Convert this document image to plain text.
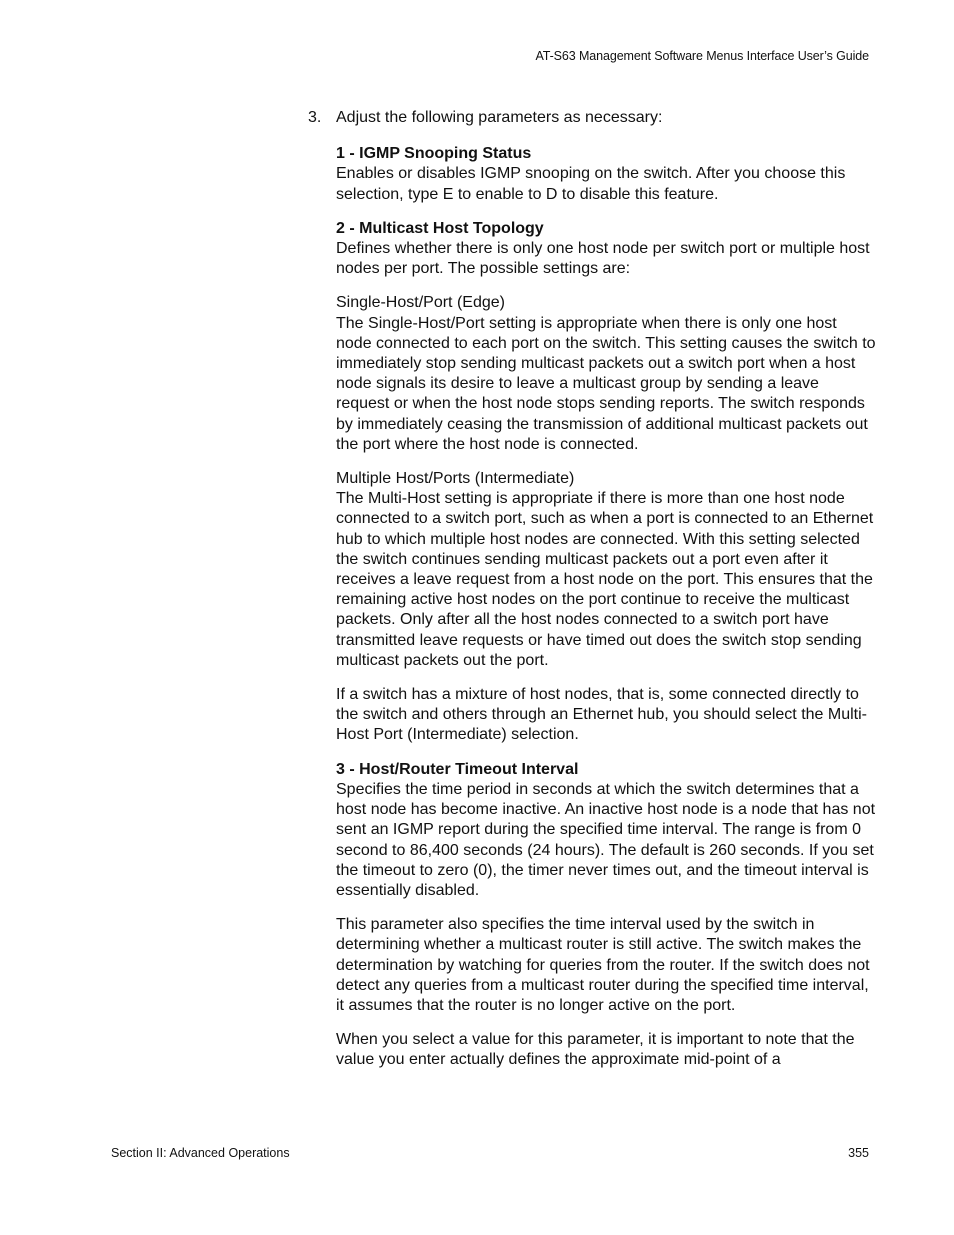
AT-S63 Management Software Menus Interface User’s Guide
3. Adjust the following parameters as necessary:

1 - IGMP Snooping Status

Enables or disables IGMP snooping on the switch. After you choose this selection, type E to enable to D to disable this feature.

2 - Multicast Host Topology

Defines whether there is only one host node per switch port or multiple host nodes per port. The possible settings are:

Single-Host/Port (Edge)

The Single-Host/Port setting is appropriate when there is only one host node connected to each port on the switch. This setting causes the switch to immediately stop sending multicast packets out a switch port when a host node signals its desire to leave a multicast group by sending a leave request or when the host node stops sending reports. The switch responds by immediately ceasing the transmission of additional multicast packets out the port where the host node is connected.

Multiple Host/Ports (Intermediate)

The Multi-Host setting is appropriate if there is more than one host node connected to a switch port, such as when a port is connected to an Ethernet hub to which multiple host nodes are connected. With this setting selected the switch continues sending multicast packets out a port even after it receives a leave request from a host node on the port. This ensures that the remaining active host nodes on the port continue to receive the multicast packets. Only after all the host nodes connected to a switch port have transmitted leave requests or have timed out does the switch stop sending multicast packets out the port.

If a switch has a mixture of host nodes, that is, some connected directly to the switch and others through an Ethernet hub, you should select the Multi-Host Port (Intermediate) selection.

3 - Host/Router Timeout Interval

Specifies the time period in seconds at which the switch determines that a host node has become inactive. An inactive host node is a node that has not sent an IGMP report during the specified time interval. The range is from 0 second to 86,400 seconds (24 hours). The default is 260 seconds. If you set the timeout to zero (0), the timer never times out, and the timeout interval is essentially disabled.

This parameter also specifies the time interval used by the switch in determining whether a multicast router is still active. The switch makes the determination by watching for queries from the router. If the switch does not detect any queries from a multicast router during the specified time interval, it assumes that the router is no longer active on the port.

When you select a value for this parameter, it is important to note that the value you enter actually defines the approximate mid-point of a

Section II: Advanced Operations	355
